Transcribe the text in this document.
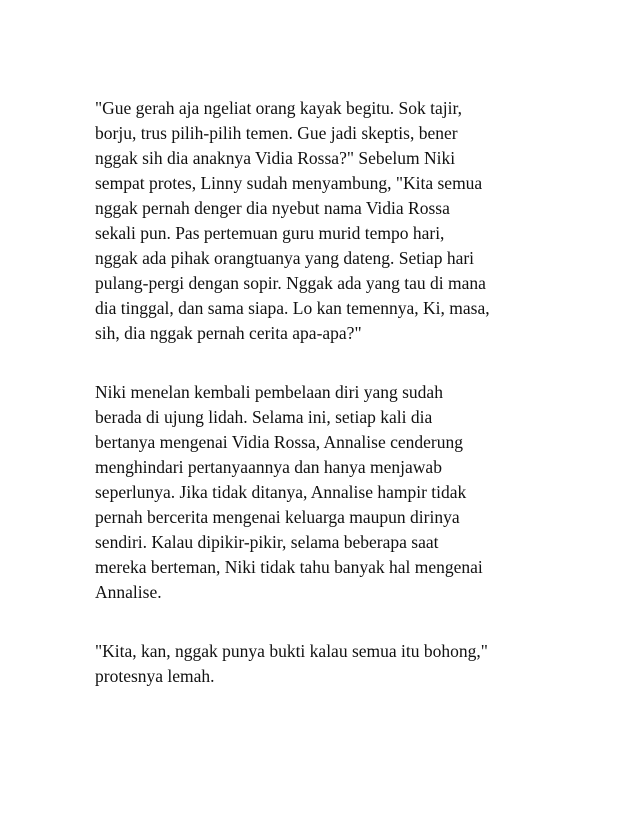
"Gue gerah aja ngeliat orang kayak begitu. Sok tajir,
borju, trus pilih-pilih temen. Gue jadi skeptis, bener
nggak sih dia anaknya Vidia Rossa?" Sebelum Niki
sempat protes, Linny sudah menyambung, "Kita semua
nggak pernah denger dia nyebut nama Vidia Rossa
sekali pun. Pas pertemuan guru murid tempo hari,
nggak ada pihak orangtuanya yang dateng. Setiap hari
pulang-pergi dengan sopir. Nggak ada yang tau di mana
dia tinggal, dan sama siapa. Lo kan temennya, Ki, masa,
sih, dia nggak pernah cerita apa-apa?"
Niki menelan kembali pembelaan diri yang sudah
berada di ujung lidah. Selama ini, setiap kali dia
bertanya mengenai Vidia Rossa, Annalise cenderung
menghindari pertanyaannya dan hanya menjawab
seperlunya. Jika tidak ditanya, Annalise hampir tidak
pernah bercerita mengenai keluarga maupun dirinya
sendiri. Kalau dipikir-pikir, selama beberapa saat
mereka berteman, Niki tidak tahu banyak hal mengenai
Annalise.
"Kita, kan, nggak punya bukti kalau semua itu bohong,"
protesnya lemah.
